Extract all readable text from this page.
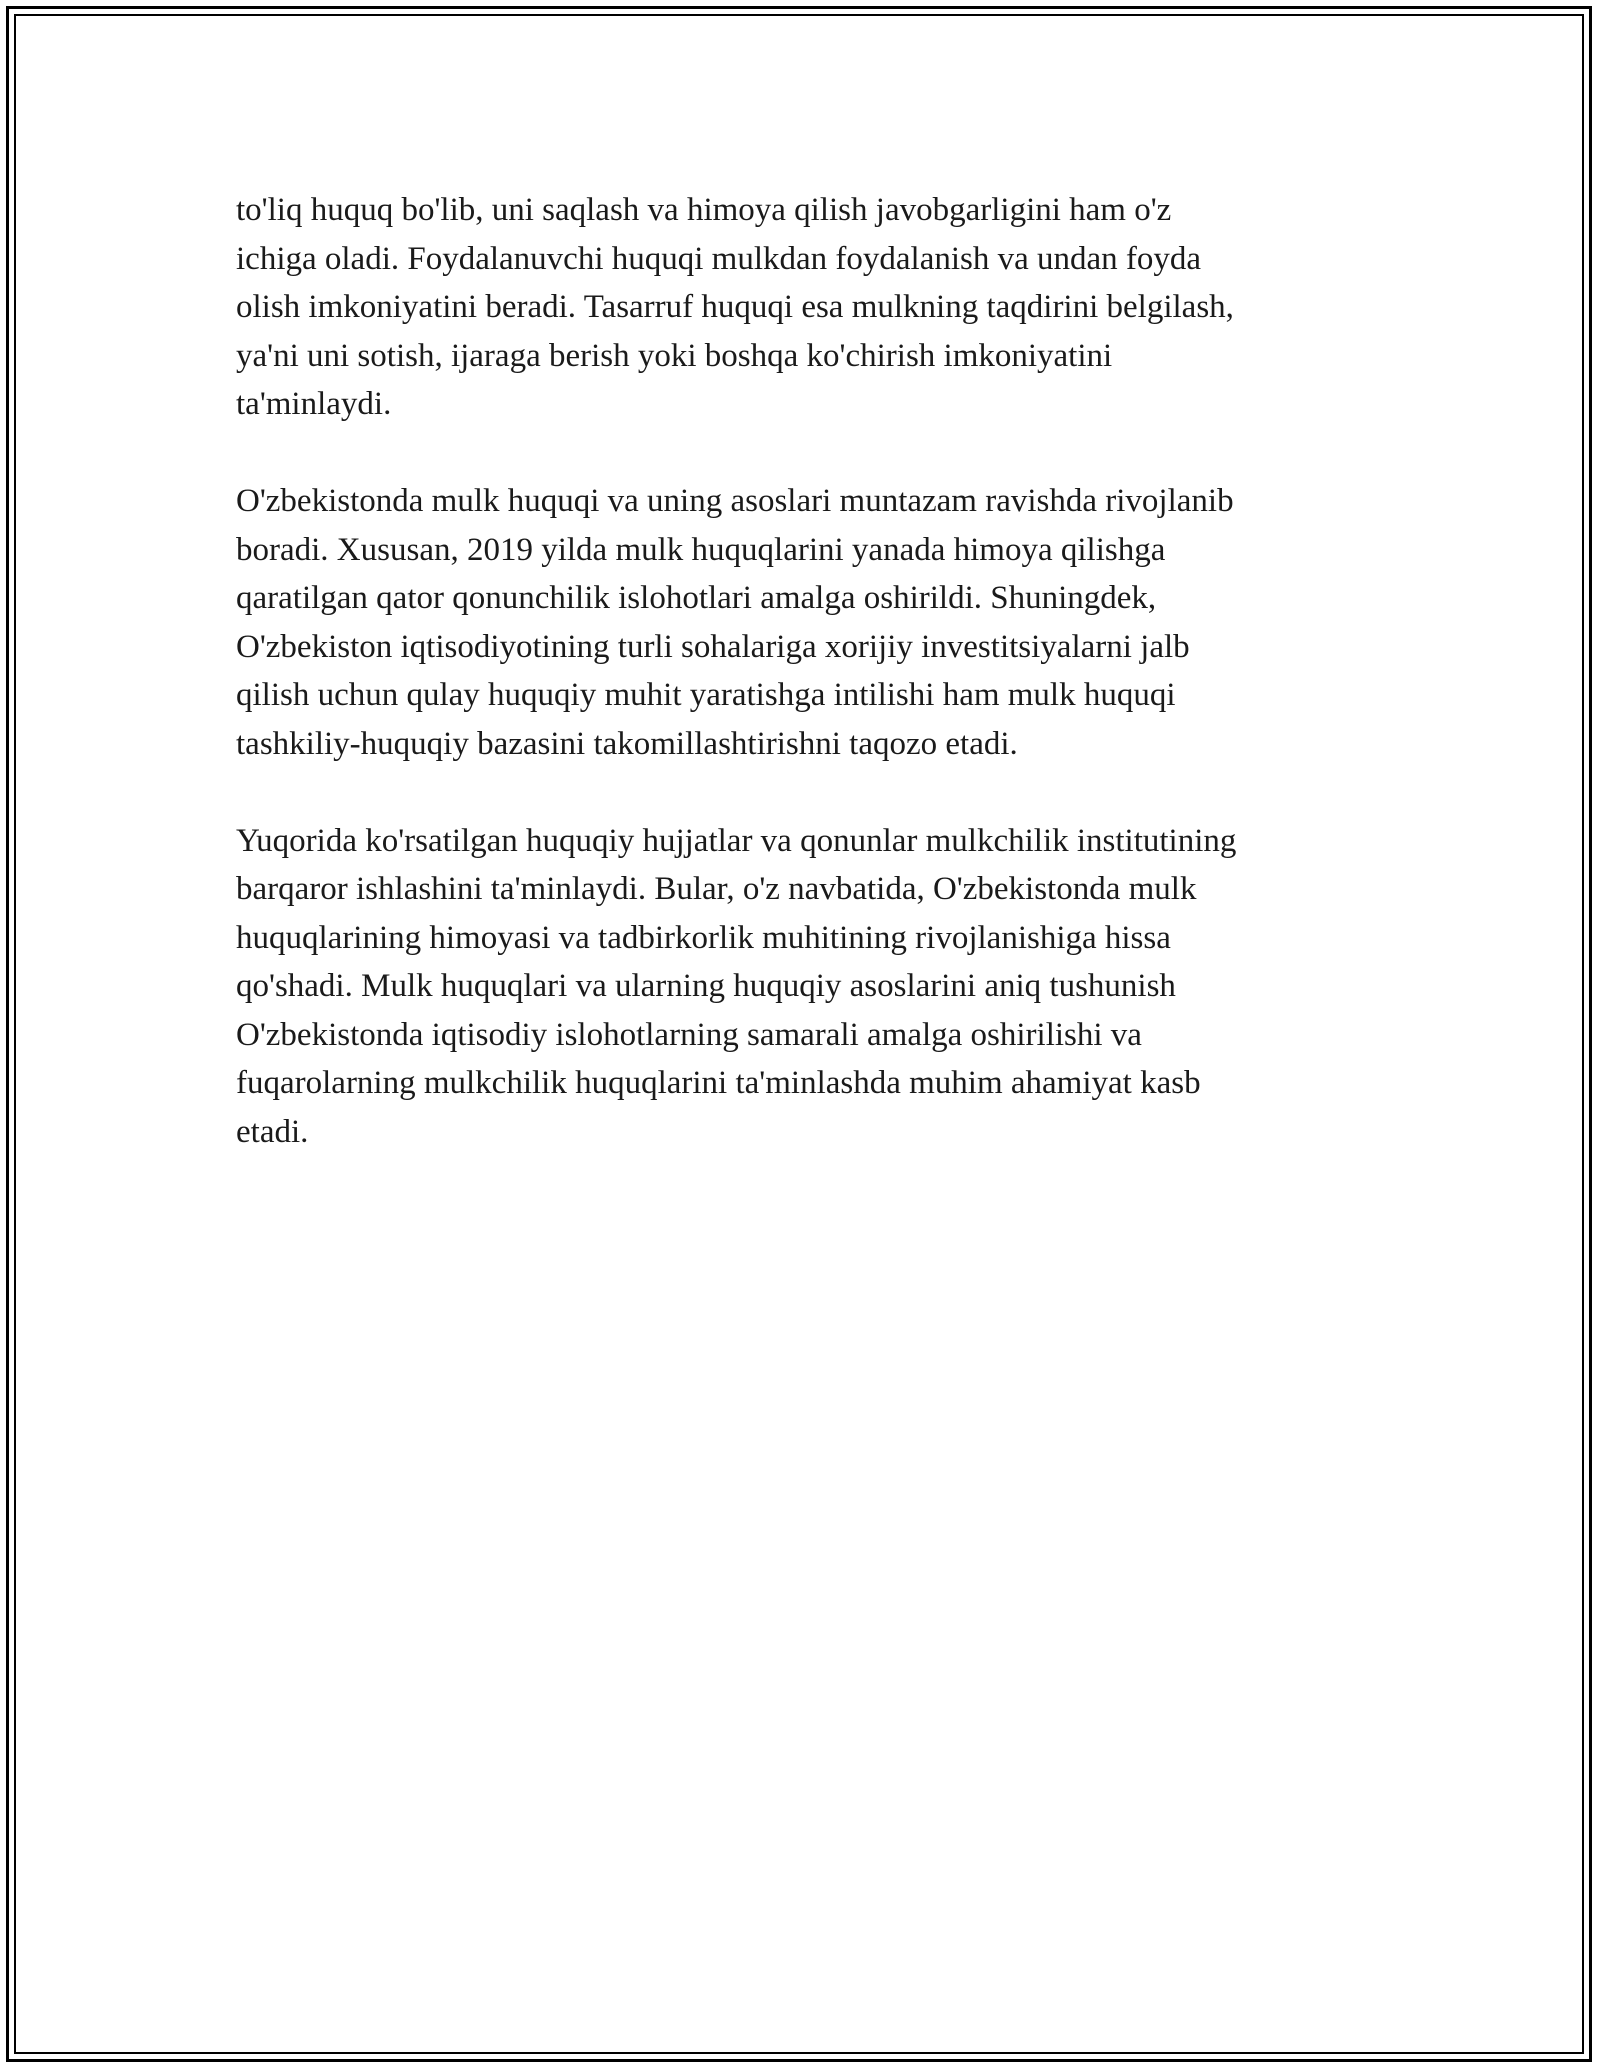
to'liq huquq bo'lib, uni saqlash va himoya qilish javobgarligini ham o'z
ichiga oladi. Foydalanuvchi huquqi mulkdan foydalanish va undan foyda
olish imkoniyatini beradi. Tasarruf huquqi esa mulkning taqdirini belgilash,
ya'ni uni sotish, ijaraga berish yoki boshqa ko'chirish imkoniyatini
ta'minlaydi.

O'zbekistonda mulk huquqi va uning asoslari muntazam ravishda rivojlanib
boradi. Xususan, 2019 yilda mulk huquqlarini yanada himoya qilishga
qaratilgan qator qonunchilik islohotlari amalga oshirildi. Shuningdek,
O'zbekiston iqtisodiyotining turli sohalariga xorijiy investitsiyalarni jalb
qilish uchun qulay huquqiy muhit yaratishga intilishi ham mulk huquqi
tashkiliy-huquqiy bazasini takomillashtirishni taqozo etadi.

Yuqorida ko'rsatilgan huquqiy hujjatlar va qonunlar mulkchilik institutining
barqaror ishlashini ta'minlaydi. Bular, o'z navbatida, O'zbekistonda mulk
huquqlarining himoyasi va tadbirkorlik muhitining rivojlanishiga hissa
qo'shadi. Mulk huquqlari va ularning huquqiy asoslarini aniq tushunish
O'zbekistonda iqtisodiy islohotlarning samarali amalga oshirilishi va
fuqarolarning mulkchilik huquqlarini ta'minlashda muhim ahamiyat kasb
etadi.
